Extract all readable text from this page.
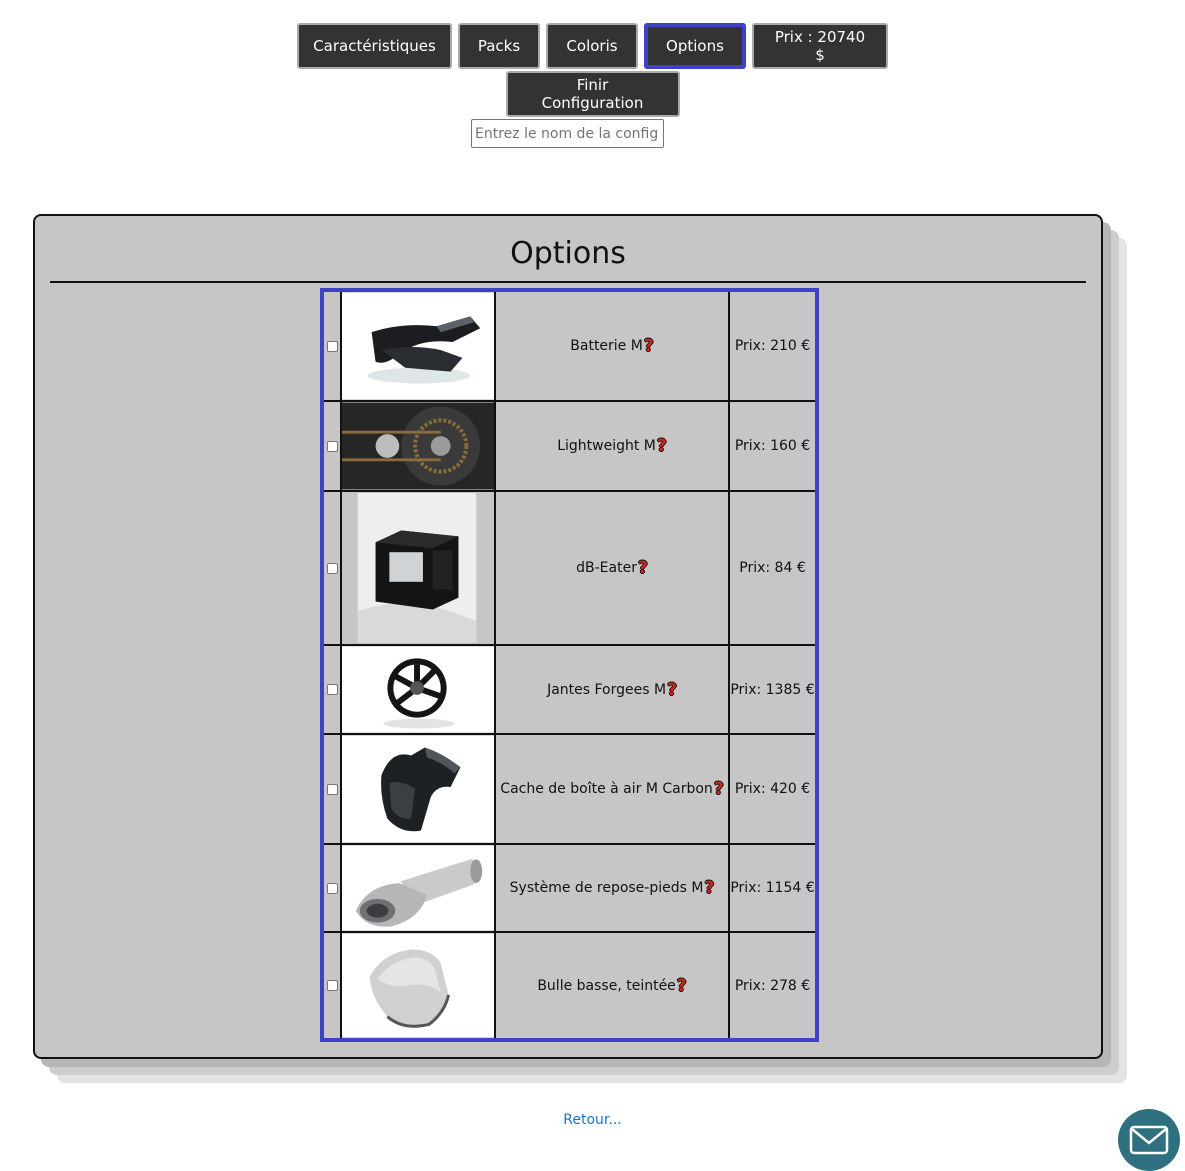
Caractéristiques	Packs	Coloris	Options	Prix : 20740 $
Finir Configuration
Entrez le nom de la config
Options
Batterie M ?	Prix: 210 €
Lightweight M ?	Prix: 160 €
dB-Eater ?	Prix: 84 €
Jantes Forgees M ?	Prix: 1385 €
Cache de boîte à air M Carbon ? Prix: 420 €
Système de repose-pieds M ? Prix: 1154 €
Bulle basse, teintée ?	Prix: 278 €
Retour...
